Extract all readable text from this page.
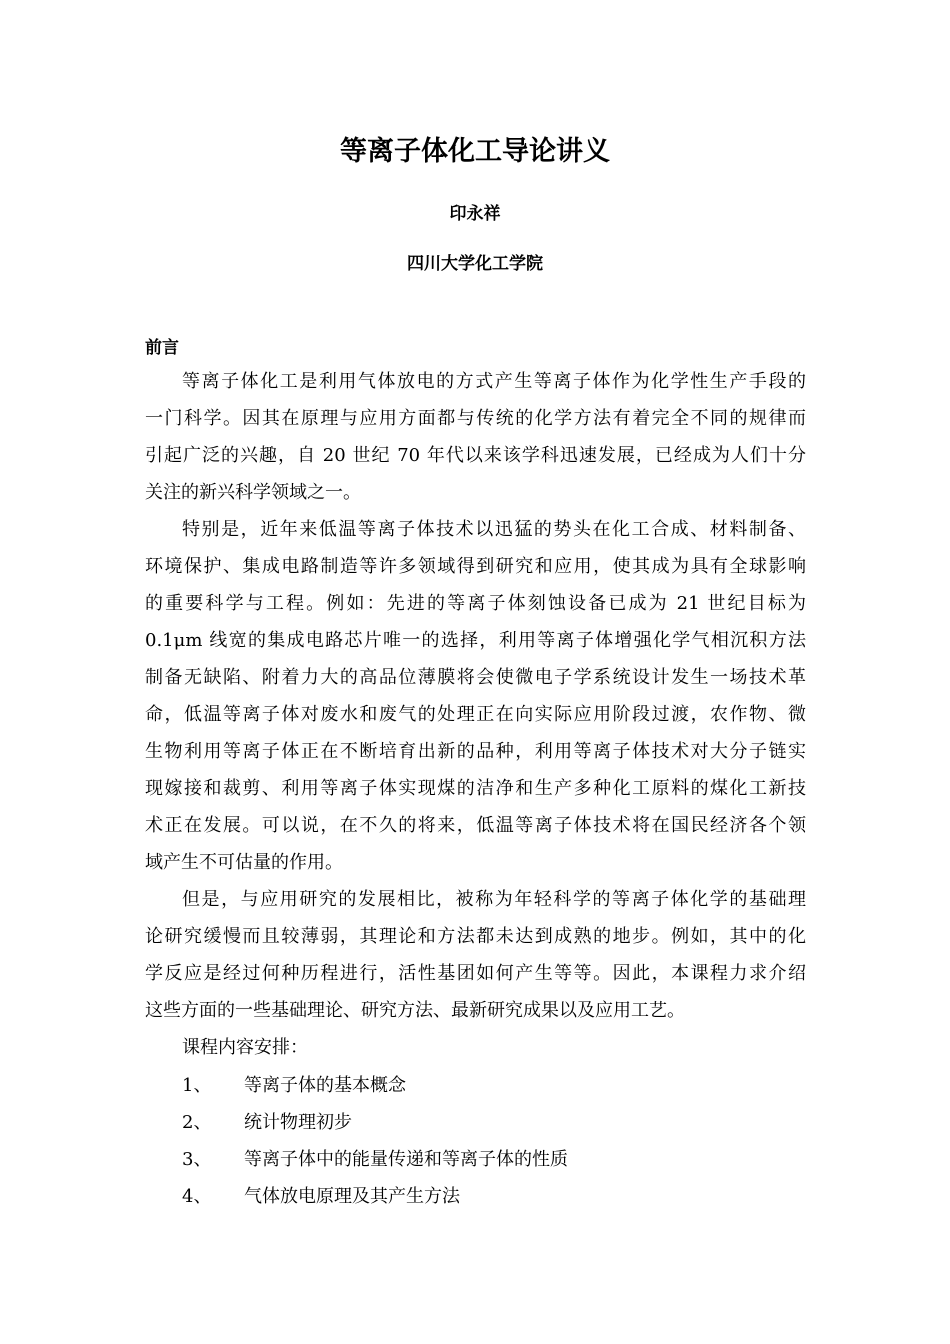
等离子体化工导论讲义
印永祥
四川大学化工学院
前言
等离子体化工是利用气体放电的方式产生等离子体作为化学性生产手段的
一门科学。因其在原理与应用方面都与传统的化学方法有着完全不同的规律而
引起广泛的兴趣，自 20 世纪 70 年代以来该学科迅速发展，已经成为人们十分
关注的新兴科学领域之一。
特别是，近年来低温等离子体技术以迅猛的势头在化工合成、材料制备、
环境保护、集成电路制造等许多领域得到研究和应用，使其成为具有全球影响
的重要科学与工程。例如：先进的等离子体刻蚀设备已成为 21 世纪目标为
0.1μm 线宽的集成电路芯片唯一的选择，利用等离子体增强化学气相沉积方法
制备无缺陷、附着力大的高品位薄膜将会使微电子学系统设计发生一场技术革
命，低温等离子体对废水和废气的处理正在向实际应用阶段过渡，农作物、微
生物利用等离子体正在不断培育出新的品种，利用等离子体技术对大分子链实
现嫁接和裁剪、利用等离子体实现煤的洁净和生产多种化工原料的煤化工新技
术正在发展。可以说，在不久的将来，低温等离子体技术将在国民经济各个领
域产生不可估量的作用。
但是，与应用研究的发展相比，被称为年轻科学的等离子体化学的基础理
论研究缓慢而且较薄弱，其理论和方法都未达到成熟的地步。例如，其中的化
学反应是经过何种历程进行，活性基团如何产生等等。因此，本课程力求介绍
这些方面的一些基础理论、研究方法、最新研究成果以及应用工艺。
课程内容安排：
1、 等离子体的基本概念
2、 统计物理初步
3、 等离子体中的能量传递和等离子体的性质
4、 气体放电原理及其产生方法
